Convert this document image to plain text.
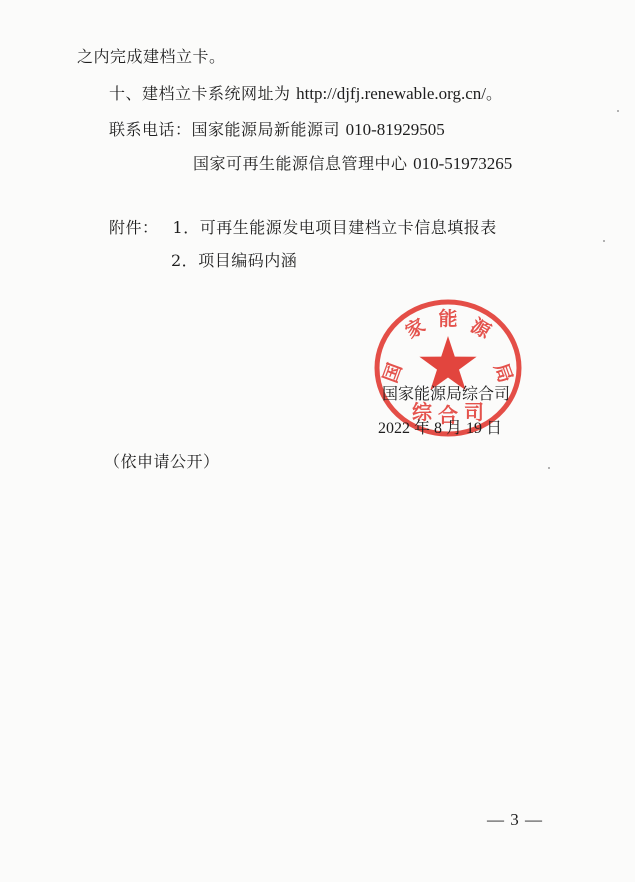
之内完成建档立卡。
十、建档立卡系统网址为 http://djfj.renewable.org.cn/。
联系电话：国家能源局新能源司 010-81929505
国家可再生能源信息管理中心 010-51973265
附件： 1．可再生能源发电项目建档立卡信息填报表
2．项目编码内涵
国
家 能 源
局
综 合 司
国家能源局综合司
2022 年 8 月 19 日
（依申请公开）
— 3 —
